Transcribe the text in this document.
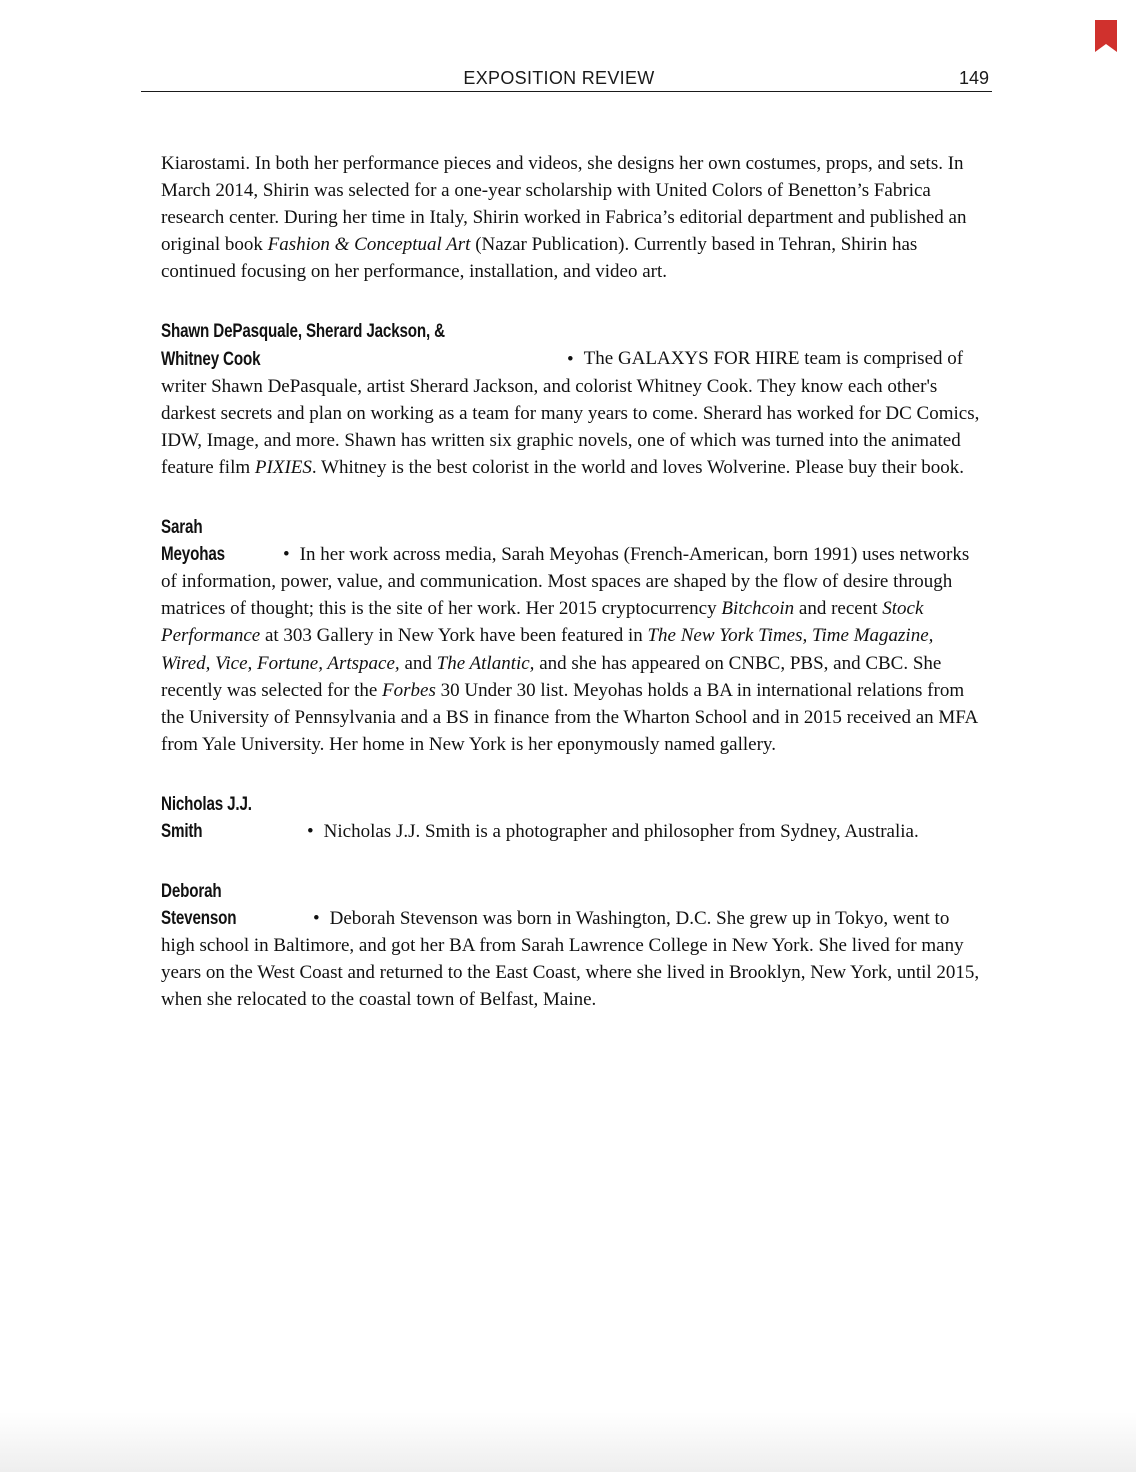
EXPOSITION REVIEW	149

Kiarostami. In both her performance pieces and videos, she designs her own costumes, props, and sets. In March 2014, Shirin was selected for a one-year scholarship with United Colors of Benetton’s Fabrica research center. During her time in Italy, Shirin worked in Fabrica’s editorial department and published an original book Fashion & Conceptual Art (Nazar Publication). Currently based in Tehran, Shirin has continued focusing on her performance, installation, and video art.

Shawn DePasquale, Sherard Jackson, & Whitney Cook	• The GALAXYS FOR HIRE team is comprised of writer Shawn DePasquale, artist Sherard Jackson, and colorist Whitney Cook. They know each other's darkest secrets and plan on working as a team for many years to come. Sherard has worked for DC Comics, IDW, Image, and more. Shawn has written six graphic novels, one of which was turned into the animated feature film PIXIES. Whitney is the best colorist in the world and loves Wolverine. Please buy their book.

Sarah Meyohas	• In her work across media, Sarah Meyohas (French-American, born 1991) uses networks of information, power, value, and communication. Most spaces are shaped by the flow of desire through matrices of thought; this is the site of her work. Her 2015 cryptocurrency Bitchcoin and recent Stock Performance at 303 Gallery in New York have been featured in The New York Times, Time Magazine, Wired, Vice, Fortune, Artspace, and The Atlantic, and she has appeared on CNBC, PBS, and CBC. She recently was selected for the Forbes 30 Under 30 list. Meyohas holds a BA in international relations from the University of Pennsylvania and a BS in finance from the Wharton School and in 2015 received an MFA from Yale University. Her home in New York is her eponymously named gallery.

Nicholas J.J. Smith	• Nicholas J.J. Smith is a photographer and philosopher from Sydney, Australia.

Deborah Stevenson	• Deborah Stevenson was born in Washington, D.C. She grew up in Tokyo, went to high school in Baltimore, and got her BA from Sarah Lawrence College in New York. She lived for many years on the West Coast and returned to the East Coast, where she lived in Brooklyn, New York, until 2015, when she relocated to the coastal town of Belfast, Maine.
